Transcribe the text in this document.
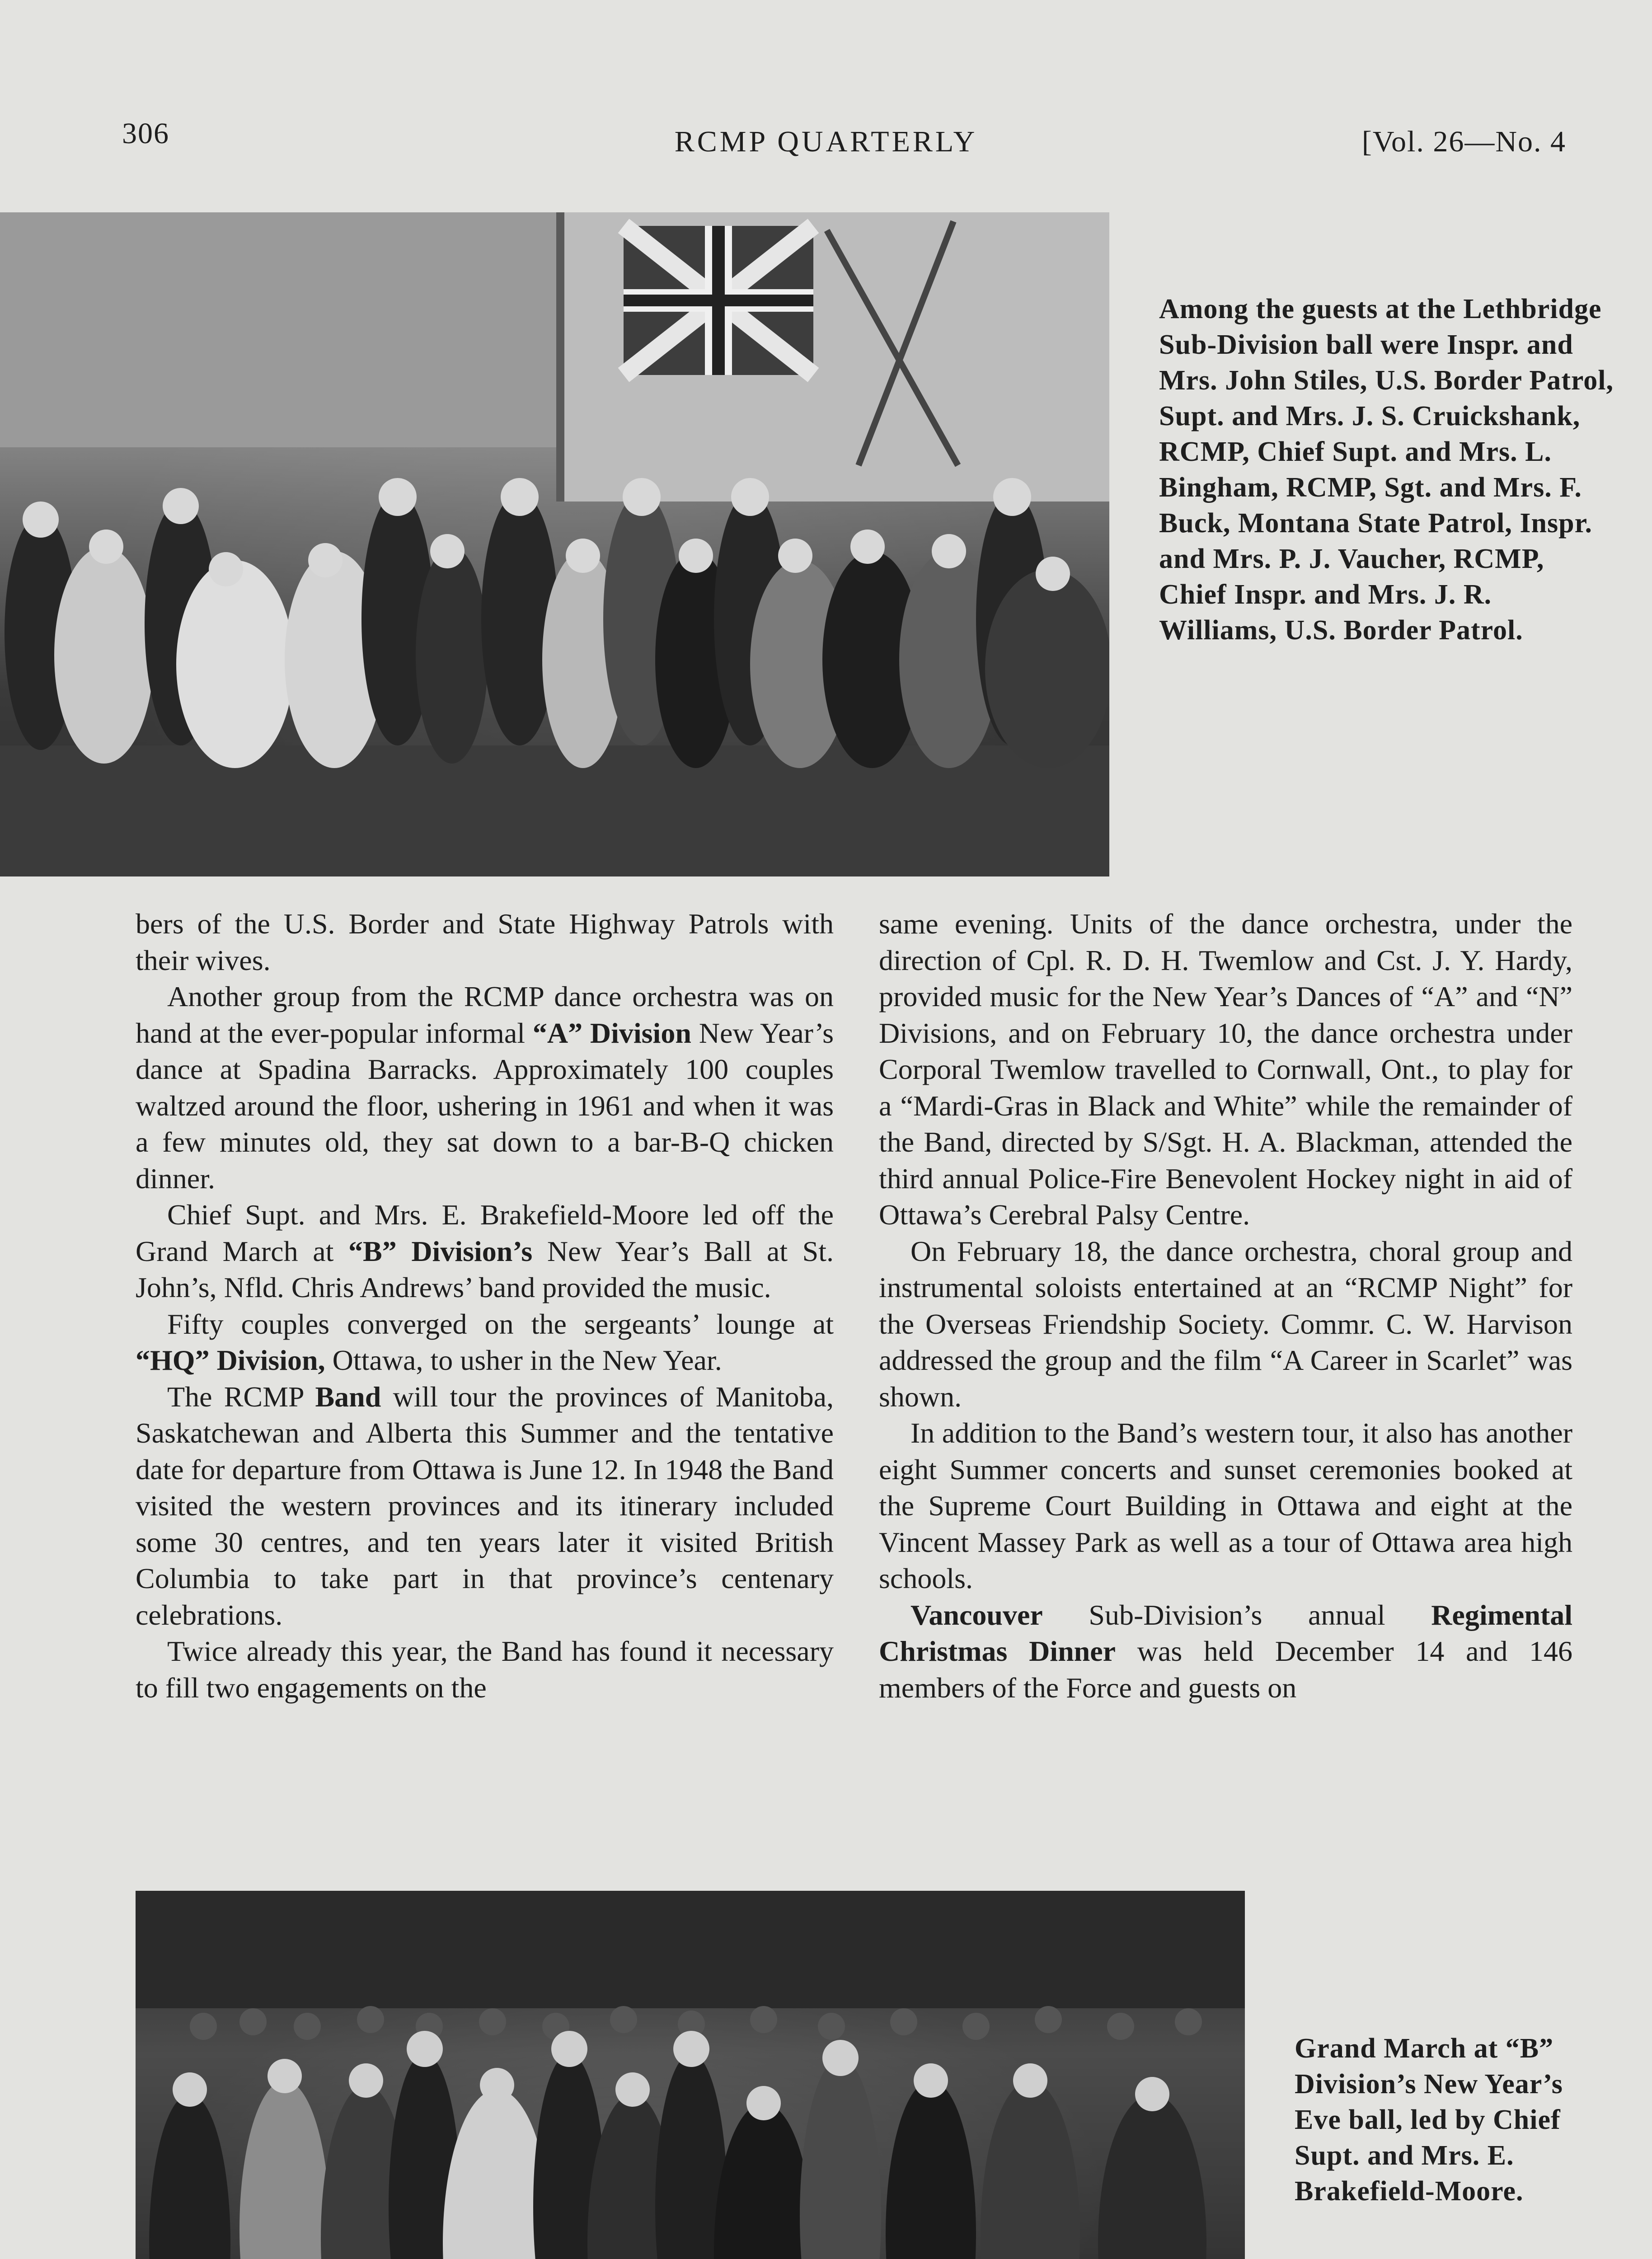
306	RCMP QUARTERLY	[Vol. 26—No. 4
Among the guests at the Lethbridge Sub-Division ball were Inspr. and Mrs. John Stiles, U.S. Border Patrol, Supt. and Mrs. J. S. Cruickshank, RCMP, Chief Supt. and Mrs. L. Bingham, RCMP, Sgt. and Mrs. F. Buck, Montana State Patrol, Inspr. and Mrs. P. J. Vaucher, RCMP, Chief Inspr. and Mrs. J. R. Williams, U.S. Border Patrol.

bers of the U.S. Border and State Highway Patrols with their wives.

Another group from the RCMP dance orchestra was on hand at the ever-popular informal “A” Division New Year’s dance at Spadina Barracks. Approximately 100 couples waltzed around the floor, ushering in 1961 and when it was a few minutes old, they sat down to a bar-B-Q chicken dinner.

Chief Supt. and Mrs. E. Brakefield-Moore led off the Grand March at “B” Division’s New Year’s Ball at St. John’s, Nfld. Chris Andrews’ band provided the music.

Fifty couples converged on the sergeants’ lounge at “HQ” Division, Ottawa, to usher in the New Year.

The RCMP Band will tour the provinces of Manitoba, Saskatchewan and Alberta this Summer and the tentative date for departure from Ottawa is June 12. In 1948 the Band visited the western provinces and its itinerary included some 30 centres, and ten years later it visited British Columbia to take part in that province’s centenary celebrations.

Twice already this year, the Band has found it necessary to fill two engagements on the

same evening. Units of the dance orchestra, under the direction of Cpl. R. D. H. Twemlow and Cst. J. Y. Hardy, provided music for the New Year’s Dances of “A” and “N” Divisions, and on February 10, the dance orchestra under Corporal Twemlow travelled to Cornwall, Ont., to play for a “Mardi-Gras in Black and White” while the remainder of the Band, directed by S/Sgt. H. A. Blackman, attended the third annual Police-Fire Benevolent Hockey night in aid of Ottawa’s Cerebral Palsy Centre.

On February 18, the dance orchestra, choral group and instrumental soloists entertained at an “RCMP Night” for the Overseas Friendship Society. Commr. C. W. Harvison addressed the group and the film “A Career in Scarlet” was shown.

In addition to the Band’s western tour, it also has another eight Summer concerts and sunset ceremonies booked at the Supreme Court Building in Ottawa and eight at the Vincent Massey Park as well as a tour of Ottawa area high schools.

Vancouver Sub-Division’s annual Regimental Christmas Dinner was held December 14 and 146 members of the Force and guests on

Grand March at “B” Division’s New Year’s Eve ball, led by Chief Supt. and Mrs. E. Brakefield-Moore.
